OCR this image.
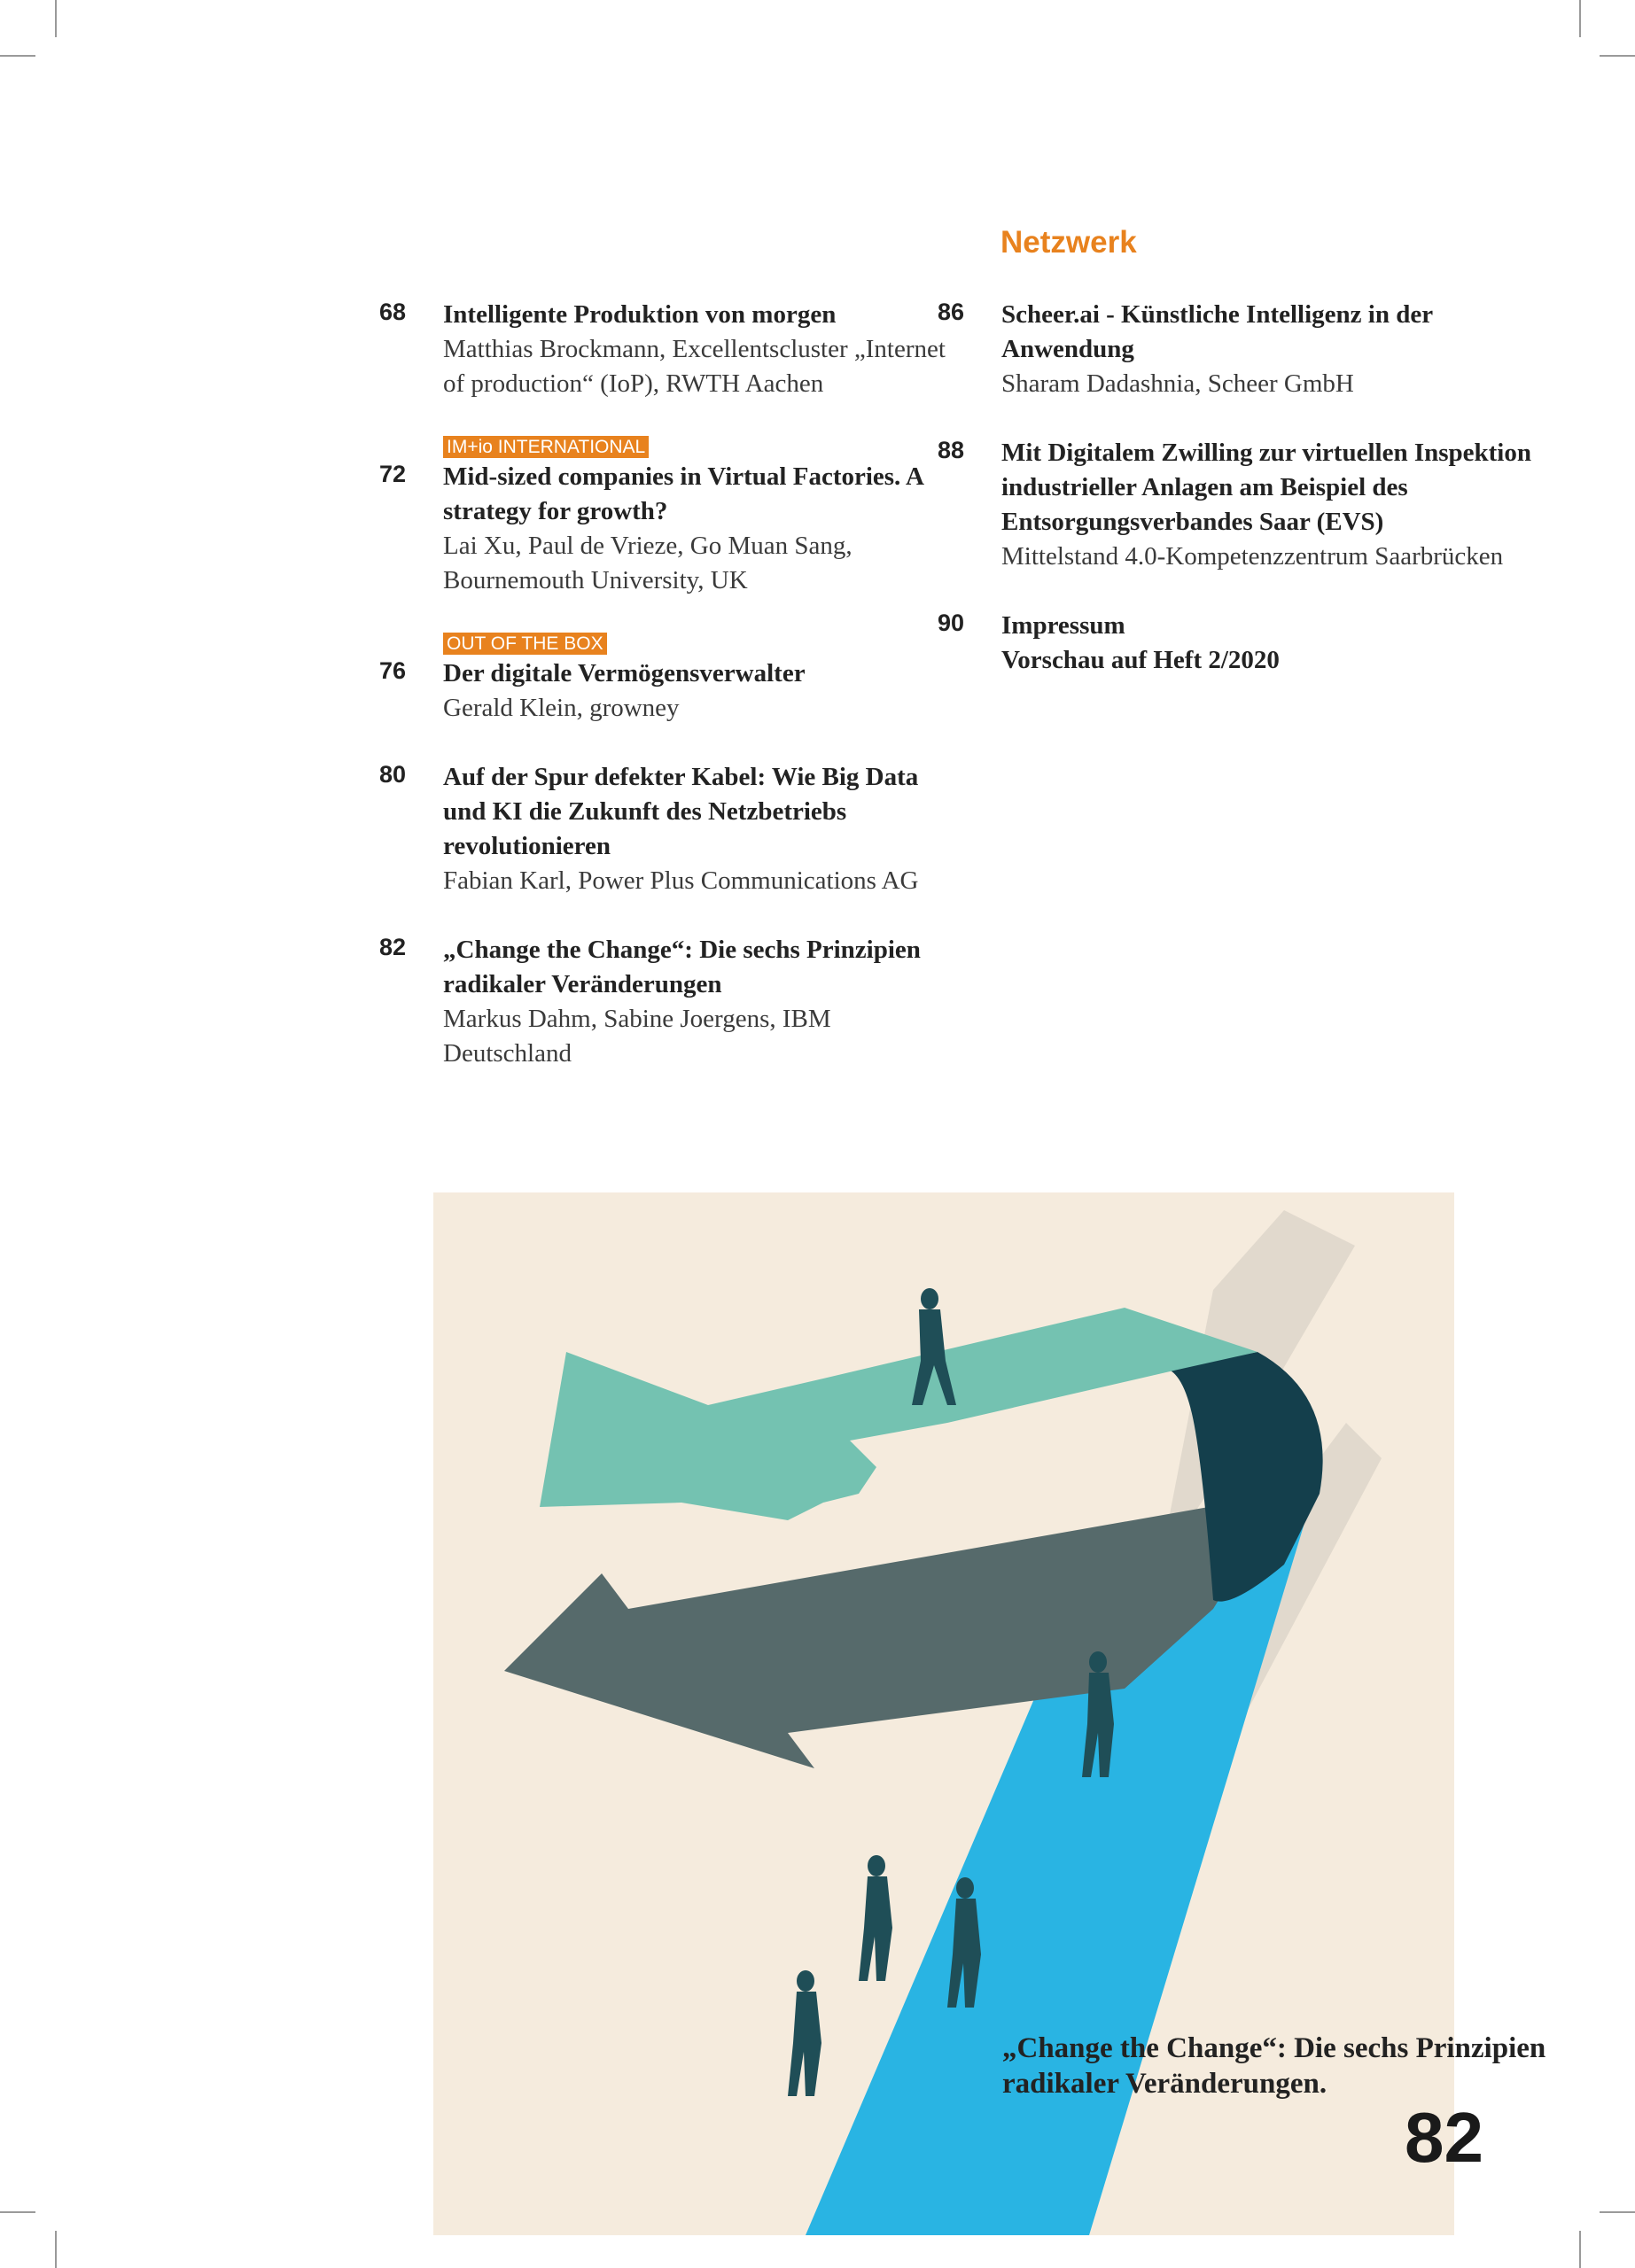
Netzwerk
68	Intelligente Produktion von morgen
Matthias Brockmann, Excellentscluster „Internet of production“ (IoP), RWTH Aachen
IM+io INTERNATIONAL
72	Mid-sized companies in Virtual Factories. A strategy for growth?
Lai Xu, Paul de Vrieze, Go Muan Sang, Bournemouth University, UK
OUT OF THE BOX
76	Der digitale Vermögensverwalter
Gerald Klein, growney
80	Auf der Spur defekter Kabel: Wie Big Data und KI die Zukunft des Netzbetriebs revolutionieren
Fabian Karl, Power Plus Communications AG
82	„Change the Change“: Die sechs Prinzipien radikaler Veränderungen
Markus Dahm, Sabine Joergens, IBM Deutschland
86	Scheer.ai - Künstliche Intelligenz in der Anwendung
Sharam Dadashnia, Scheer GmbH
88	Mit Digitalem Zwilling zur virtuellen Inspektion industrieller Anlagen am Beispiel des Entsorgungsverbandes Saar (EVS)
Mittelstand 4.0-Kompetenzzentrum Saarbrücken
90	Impressum
Vorschau auf Heft 2/2020
„Change the Change“: Die sechs Prinzipien radikaler Veränderungen.
82
